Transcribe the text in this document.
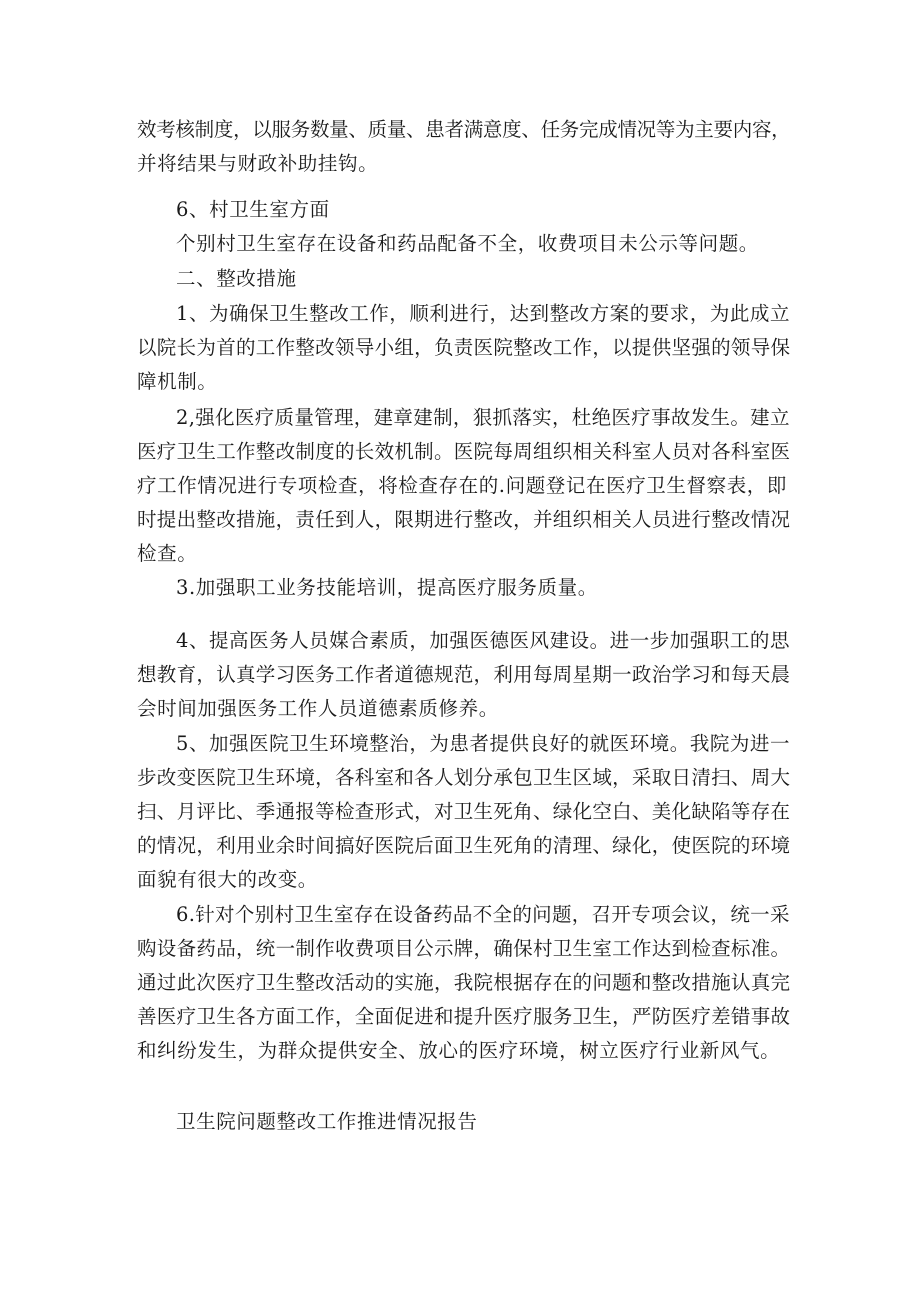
效考核制度，以服务数量、质量、患者满意度、任务完成情况等为主要内容，
并将结果与财政补助挂钩。
6、村卫生室方面
个别村卫生室存在设备和药品配备不全，收费项目未公示等问题。
二、整改措施
1、为确保卫生整改工作，顺利进行，达到整改方案的要求，为此成立
以院长为首的工作整改领导小组，负责医院整改工作，以提供坚强的领导保
障机制。
2,强化医疗质量管理，建章建制，狠抓落实，杜绝医疗事故发生。建立
医疗卫生工作整改制度的长效机制。医院每周组织相关科室人员对各科室医
疗工作情况进行专项检查，将检查存在的.问题登记在医疗卫生督察表，即
时提出整改措施，责任到人，限期进行整改，并组织相关人员进行整改情况
检查。
3.加强职工业务技能培训，提高医疗服务质量。
4、提高医务人员媒合素质，加强医德医风建设。进一步加强职工的思
想教育，认真学习医务工作者道德规范，利用每周星期一政治学习和每天晨
会时间加强医务工作人员道德素质修养。
5、加强医院卫生环境整治，为患者提供良好的就医环境。我院为进一
步改变医院卫生环境，各科室和各人划分承包卫生区域，采取日清扫、周大
扫、月评比、季通报等检查形式，对卫生死角、绿化空白、美化缺陷等存在
的情况，利用业余时间搞好医院后面卫生死角的清理、绿化，使医院的环境
面貌有很大的改变。
6.针对个别村卫生室存在设备药品不全的问题，召开专项会议，统一采
购设备药品，统一制作收费项目公示牌，确保村卫生室工作达到检查标准。
通过此次医疗卫生整改活动的实施，我院根据存在的问题和整改措施认真完
善医疗卫生各方面工作，全面促进和提升医疗服务卫生，严防医疗差错事故
和纠纷发生，为群众提供安全、放心的医疗环境，树立医疗行业新风气。
卫生院问题整改工作推进情况报告
